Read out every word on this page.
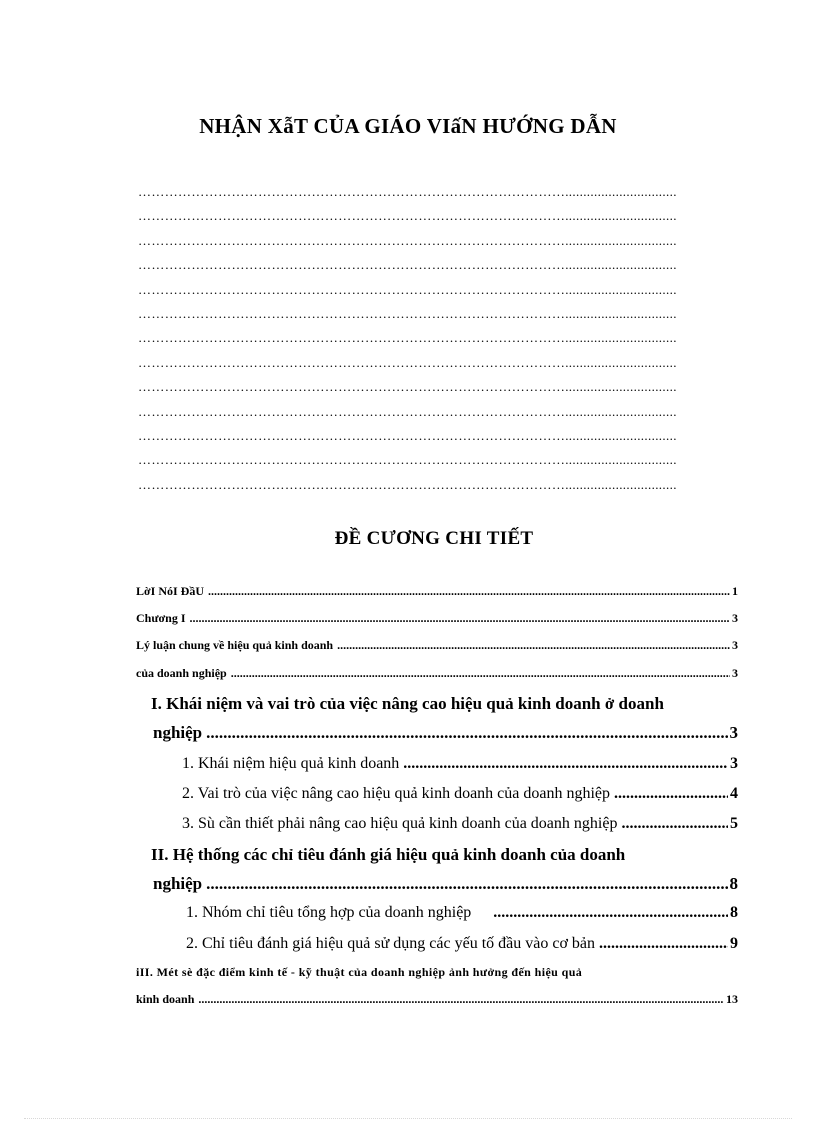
NHẬN XẫT CỦA GIÁO VIấN HƯỚNG DẪN
……………………………………………………………………………………...............................
……………………………………………………………………………………...............................
……………………………………………………………………………………...............................
……………………………………………………………………………………...............................
……………………………………………………………………………………...............................
……………………………………………………………………………………...............................
……………………………………………………………………………………...............................
……………………………………………………………………………………...............................
……………………………………………………………………………………...............................
……………………………………………………………………………………...............................
……………………………………………………………………………………...............................
……………………………………………………………………………………...............................
……………………………………………………………………………………...............................
ĐỀ CƯƠNG CHI TIẾT
LờI NóI ĐầU .....	1
Chương I .....	3
Lý luận chung về hiệu quả kinh doanh .....	3
của doanh nghiệp .....	3
I. Khái niệm và vai trò của việc nâng cao hiệu quả kinh doanh ở doanh
nghiệp .....	3
1. Khái niệm hiệu quả kinh doanh .....	3
2. Vai trò của việc nâng cao hiệu quả kinh doanh của doanh nghiệp .....	4
3. Sù cần thiết phải nâng cao hiệu quả kinh doanh của doanh nghiệp .....	5
II. Hệ thống các chỉ tiêu đánh giá hiệu quả kinh doanh của doanh
nghiệp .....	8
1. Nhóm chỉ tiêu tổng hợp của doanh nghiệp .....	8
2. Chỉ tiêu đánh giá hiệu quả sử dụng các yếu tố đầu vào cơ bản .....	9
iII. Mét sè đặc điểm kinh tế - kỹ thuật của doanh nghiệp ảnh hưởng đến hiệu quả
kinh doanh .....	13
